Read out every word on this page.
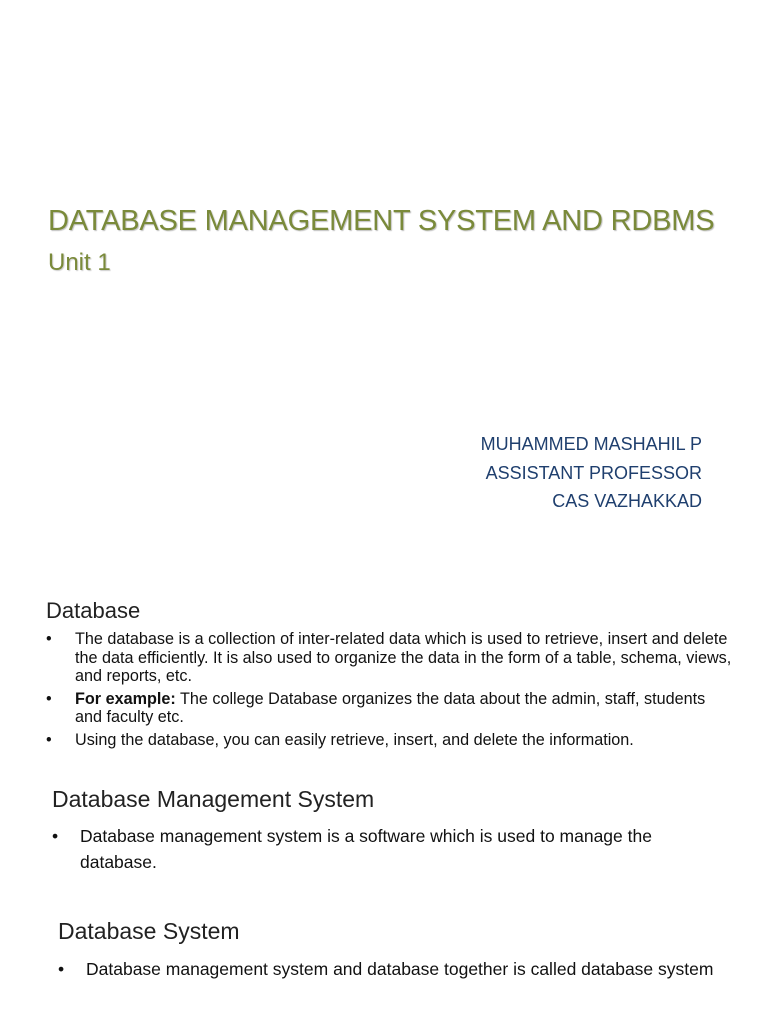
DATABASE MANAGEMENT SYSTEM AND RDBMS
Unit 1
MUHAMMED MASHAHIL P
ASSISTANT PROFESSOR
CAS VAZHAKKAD
Database
• The database is a collection of inter-related data which is used to retrieve, insert and delete the data efficiently. It is also used to organize the data in the form of a table, schema, views, and reports, etc.
• For example: The college Database organizes the data about the admin, staff, students and faculty etc.
• Using the database, you can easily retrieve, insert, and delete the information.
Database Management System
• Database management system is a software which is used to manage the database.
Database System
• Database management system and database together is called database system
